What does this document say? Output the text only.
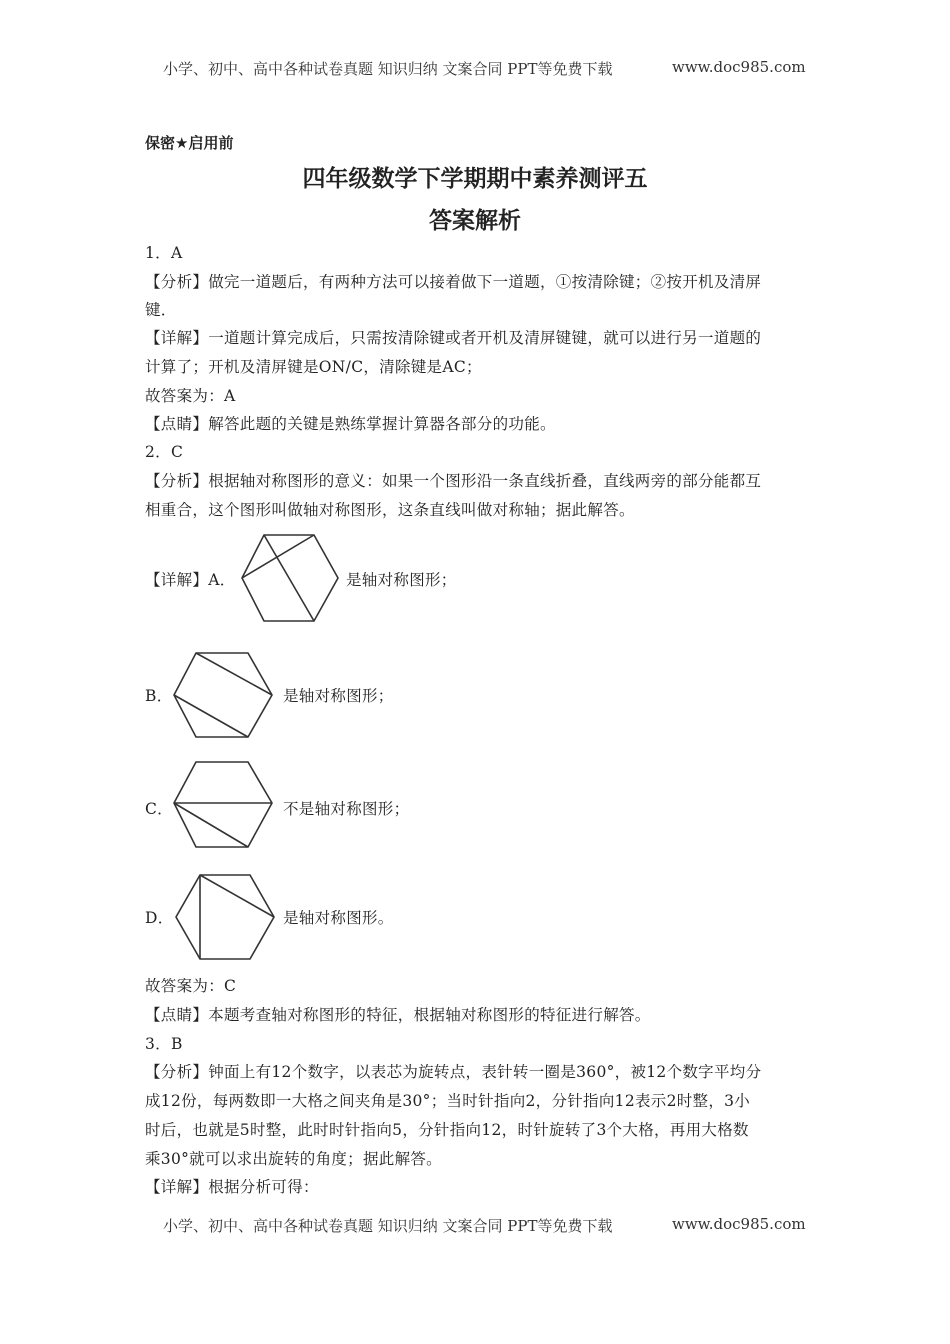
小学、初中、高中各种试卷真题 知识归纳 文案合同 PPT等免费下载	www.doc985.com
保密★启用前
四年级数学下学期期中素养测评五
答案解析
1．A
【分析】做完一道题后，有两种方法可以接着做下一道题，①按清除键；②按开机及清屏
键．
【详解】一道题计算完成后，只需按清除键或者开机及清屏键键，就可以进行另一道题的
计算了；开机及清屏键是ON/C，清除键是AC；
故答案为：A
【点睛】解答此题的关键是熟练掌握计算器各部分的功能。
2．C
【分析】根据轴对称图形的意义：如果一个图形沿一条直线折叠，直线两旁的部分能都互
相重合，这个图形叫做轴对称图形，这条直线叫做对称轴；据此解答。
【详解】A．	是轴对称图形；
B．	是轴对称图形；
C．	不是轴对称图形；
D．	是轴对称图形。
故答案为：C
【点睛】本题考查轴对称图形的特征，根据轴对称图形的特征进行解答。
3．B
【分析】钟面上有12个数字，以表芯为旋转点，表针转一圈是360°，被12个数字平均分
成12份，每两数即一大格之间夹角是30°；当时针指向2，分针指向12表示2时整，3小
时后，也就是5时整，此时时针指向5，分针指向12，时针旋转了3个大格，再用大格数
乘30°就可以求出旋转的角度；据此解答。
【详解】根据分析可得：
小学、初中、高中各种试卷真题 知识归纳 文案合同 PPT等免费下载	www.doc985.com
